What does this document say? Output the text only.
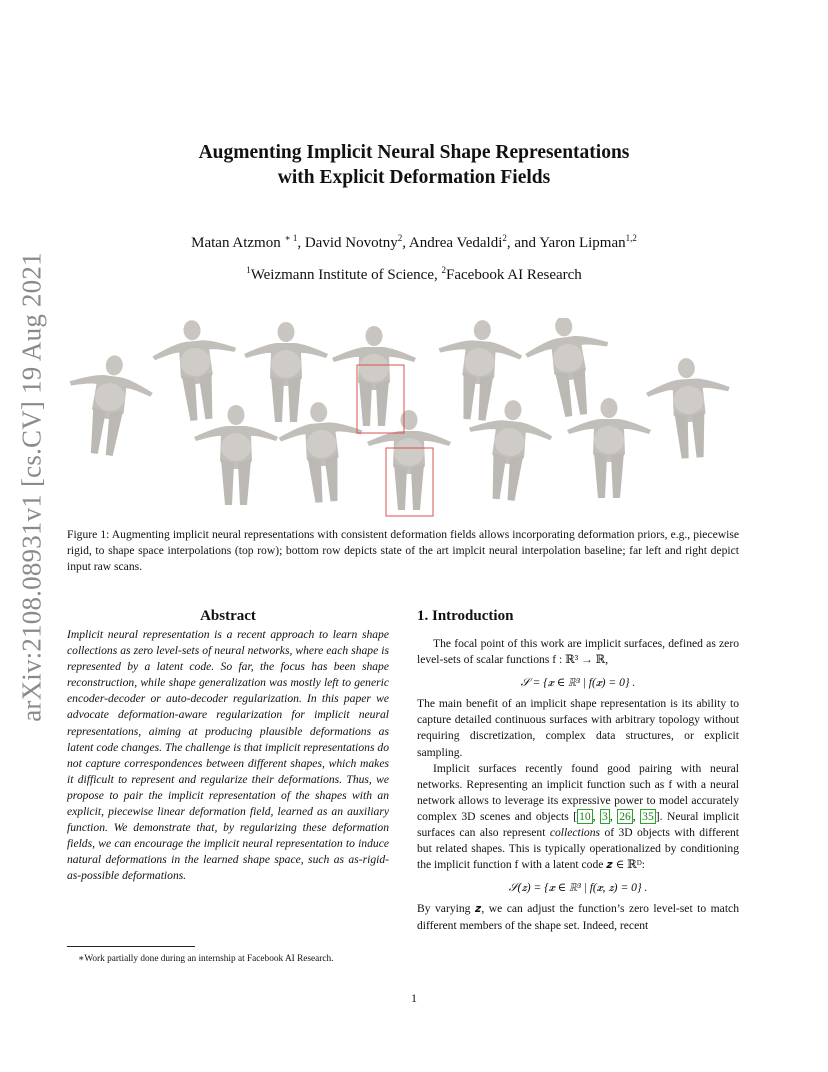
arXiv:2108.08931v1 [cs.CV] 19 Aug 2021
Augmenting Implicit Neural Shape Representations
with Explicit Deformation Fields
Matan Atzmon $^{∗ 1}$, David Novotny$^2$, Andrea Vedaldi$^2$, and Yaron Lipman$^{1,2}$
$^1$Weizmann Institute of Science, $^2$Facebook AI Research
Figure 1: Augmenting implicit neural representations with consistent deformation fields allows incorporating deformation priors, e.g., piecewise rigid, to shape space interpolations (top row); bottom row depicts state of the art implcit neural interpolation baseline; far left and right depict input raw scans.
Abstract
Implicit neural representation is a recent approach to learn shape collections as zero level-sets of neural networks, where each shape is represented by a latent code. So far, the focus has been shape reconstruction, while shape generalization was mostly left to generic encoder-decoder or auto-decoder regularization. In this paper we advocate deformation-aware regularization for implicit neural representations, aiming at producing plausible deformations as latent code changes. The challenge is that implicit representations do not capture correspondences between different shapes, which makes it difficult to represent and regularize their deformations. Thus, we propose to pair the implicit representation of the shapes with an explicit, piecewise linear deformation field, learned as an auxiliary function. We demonstrate that, by regularizing these deformation fields, we can encourage the implicit neural representation to induce natural deformations in the learned shape space, such as as-rigid-as-possible deformations.
1. Introduction

The focal point of this work are implicit surfaces, defined as zero level-sets of scalar functions f : ℝ³ → ℝ,

𝒮 = {𝒙 ∈ ℝ³ | f(𝒙) = 0} .

The main benefit of an implicit shape representation is its ability to capture detailed continuous surfaces with arbitrary topology without requiring discretization, complex data structures, or explicit sampling.

Implicit surfaces recently found good pairing with neural networks. Representing an implicit function such as f with a neural network allows to leverage its expressive power to model accurately complex 3D scenes and objects [ 10 , 3 , 26 , 35 ]. Neural implicit surfaces can also represent collections of 3D objects with different but related shapes. This is typically operationalized by conditioning the implicit function f with a latent code 𝒛 ∈ ℝᴰ:

𝒮(𝒛) = {𝒙 ∈ ℝ³ | f(𝒙, 𝒛) = 0} .

By varying 𝒛, we can adjust the function’s zero level-set to match different members of the shape set. Indeed, recent

∗Work partially done during an internship at Facebook AI Research.
1
